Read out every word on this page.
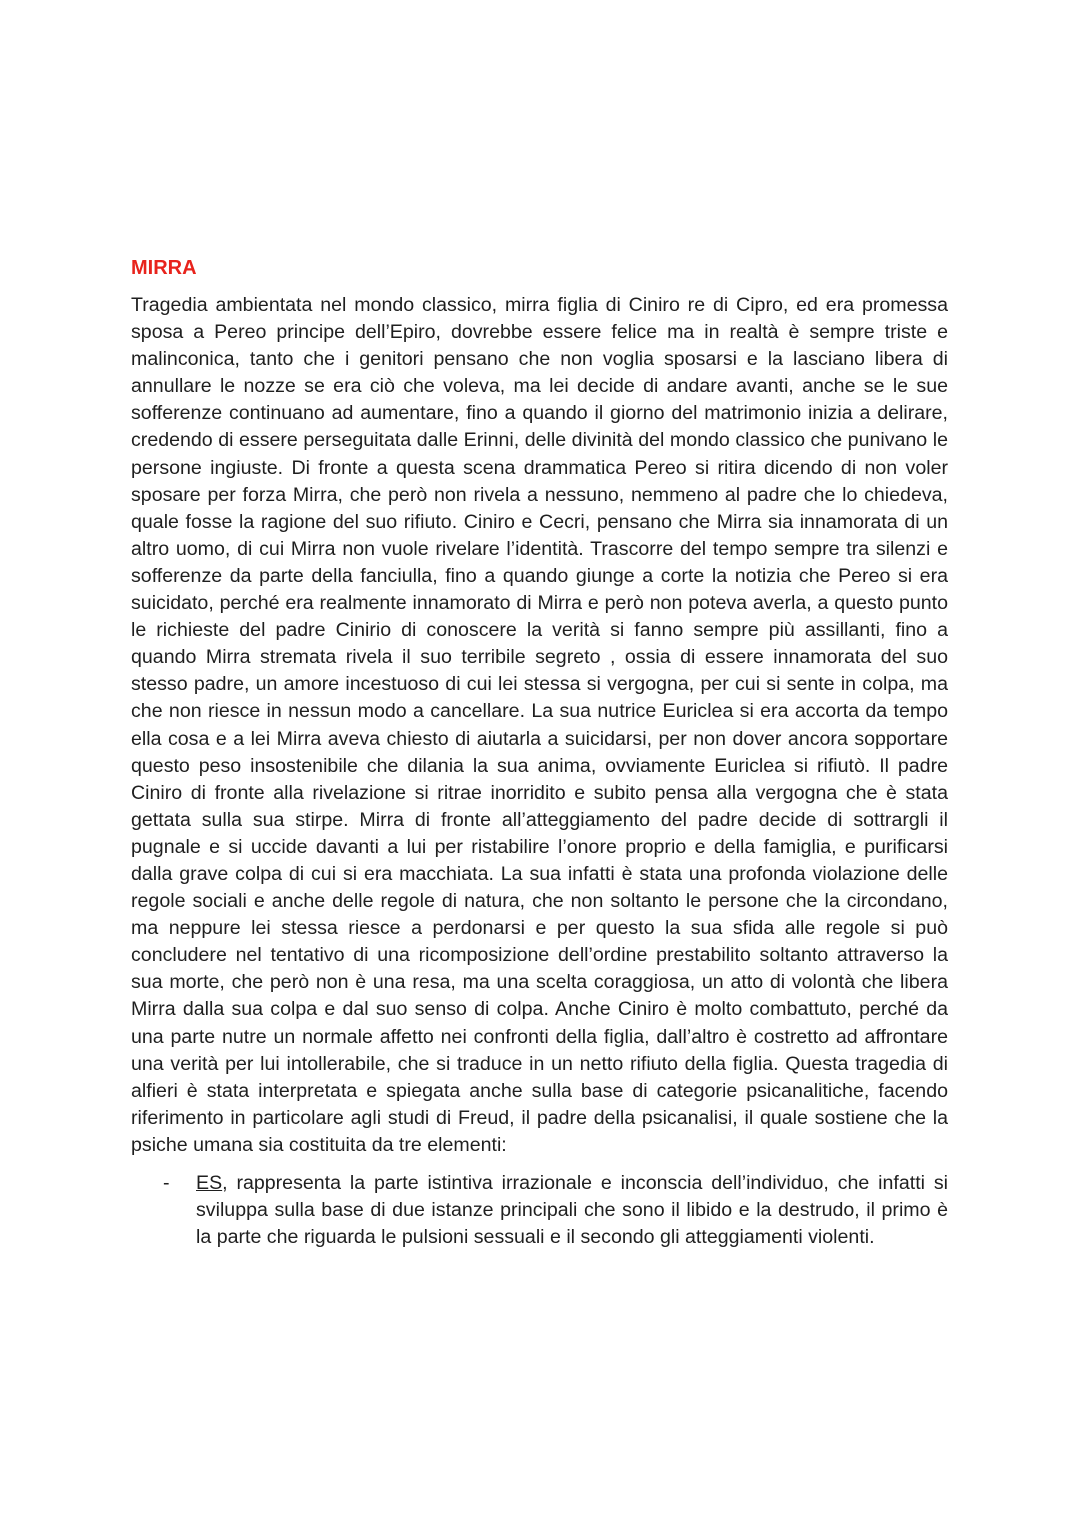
MIRRA

Tragedia ambientata nel mondo classico, mirra figlia di Ciniro re di Cipro, ed era promessa sposa a Pereo principe dell’Epiro, dovrebbe essere felice ma in realtà è sempre triste e malinconica, tanto che i genitori pensano che non voglia sposarsi e la lasciano libera di annullare le nozze se era ciò che voleva, ma lei decide di andare avanti, anche se le sue sofferenze continuano ad aumentare, fino a quando il giorno del matrimonio inizia a delirare, credendo di essere perseguitata dalle Erinni, delle divinità del mondo classico che punivano le persone ingiuste. Di fronte a questa scena drammatica Pereo si ritira dicendo di non voler sposare per forza Mirra, che però non rivela a nessuno, nemmeno al padre che lo chiedeva, quale fosse la ragione del suo rifiuto. Ciniro e Cecri, pensano che Mirra sia innamorata di un altro uomo, di cui Mirra non vuole rivelare l’identità. Trascorre del tempo sempre tra silenzi e sofferenze da parte della fanciulla, fino a quando giunge a corte la notizia che Pereo si era suicidato, perché era realmente innamorato di Mirra e però non poteva averla, a questo punto le richieste del padre Cinirio di conoscere la verità si fanno sempre più assillanti, fino a quando Mirra stremata rivela il suo terribile segreto , ossia di essere innamorata del suo stesso padre, un amore incestuoso di cui lei stessa si vergogna, per cui si sente in colpa, ma che non riesce in nessun modo a cancellare. La sua nutrice Euriclea si era accorta da tempo ella cosa e a lei Mirra aveva chiesto di aiutarla a suicidarsi, per non dover ancora sopportare questo peso insostenibile che dilania la sua anima, ovviamente Euriclea si rifiutò. Il padre Ciniro di fronte alla rivelazione si ritrae inorridito e subito pensa alla vergogna che è stata gettata sulla sua stirpe. Mirra di fronte all’atteggiamento del padre decide di sottrargli il pugnale e si uccide davanti a lui per ristabilire l’onore proprio e della famiglia, e purificarsi dalla grave colpa di cui si era macchiata. La sua infatti è stata una profonda violazione delle regole sociali e anche delle regole di natura, che non soltanto le persone che la circondano, ma neppure lei stessa riesce a perdonarsi e per questo la sua sfida alle regole si può concludere nel tentativo di una ricomposizione dell’ordine prestabilito soltanto attraverso la sua morte, che però non è una resa, ma una scelta coraggiosa, un atto di volontà che libera Mirra dalla sua colpa e dal suo senso di colpa. Anche Ciniro è molto combattuto, perché da una parte nutre un normale affetto nei confronti della figlia, dall’altro è costretto ad affrontare una verità per lui intollerabile, che si traduce in un netto rifiuto della figlia. Questa tragedia di alfieri è stata interpretata e spiegata anche sulla base di categorie psicanalitiche, facendo riferimento in particolare agli studi di Freud, il padre della psicanalisi, il quale sostiene che la psiche umana sia costituita da tre elementi:

- ES, rappresenta la parte istintiva irrazionale e inconscia dell’individuo, che infatti si sviluppa sulla base di due istanze principali che sono il libido e la destrudo, il primo è la parte che riguarda le pulsioni sessuali e il secondo gli atteggiamenti violenti.
